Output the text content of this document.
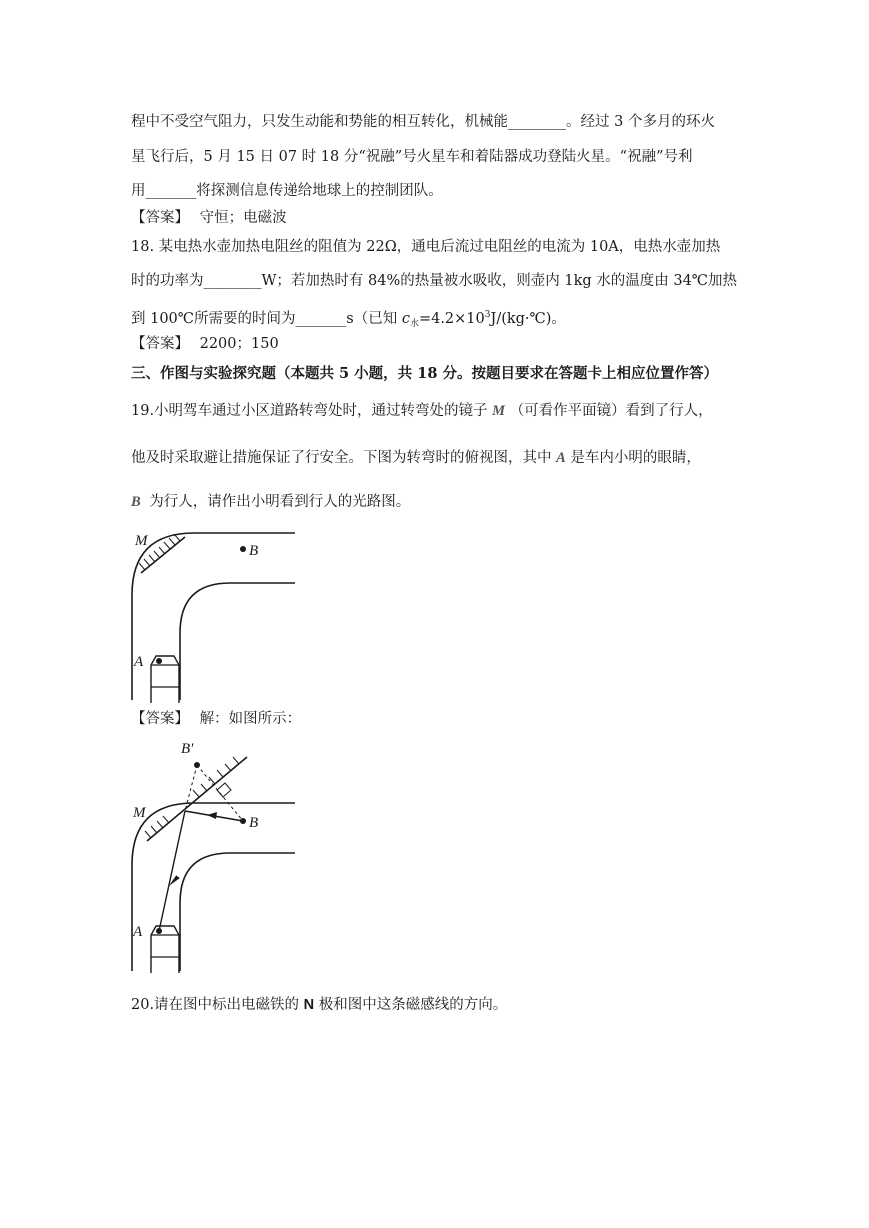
程中不受空气阻力，只发生动能和势能的相互转化，机械能________。经过 3 个多月的环火
星飞行后，5 月 15 日 07 时 18 分“祝融”号火星车和着陆器成功登陆火星。“祝融”号利
用_______将探测信息传递给地球上的控制团队。
【答案】 守恒；电磁波
18. 某电热水壶加热电阻丝的阻值为 22Ω，通电后流过电阻丝的电流为 10A，电热水壶加热
时的功率为________W；若加热时有 84%的热量被水吸收，则壶内 1kg 水的温度由 34℃加热
到 100℃所需要的时间为_______s（已知 $c_水=4.2\times 10^3J/(kg\cdot℃)$。
【答案】 2200；150
三、作图与实验探究题（本题共 5 小题，共 18 分。按题目要求在答题卡上相应位置作答）
19.小明驾车通过小区道路转弯处时，通过转弯处的镜子 M （可看作平面镜）看到了行人，
他及时采取避让措施保证了行安全。下图为转弯时的俯视图，其中 A 是车内小明的眼睛，
B 为行人，请作出小明看到行人的光路图。
M
B
A
【答案】 解：如图所示：
M
B′
B
A
20.请在图中标出电磁铁的 N 极和图中这条磁感线的方向。
